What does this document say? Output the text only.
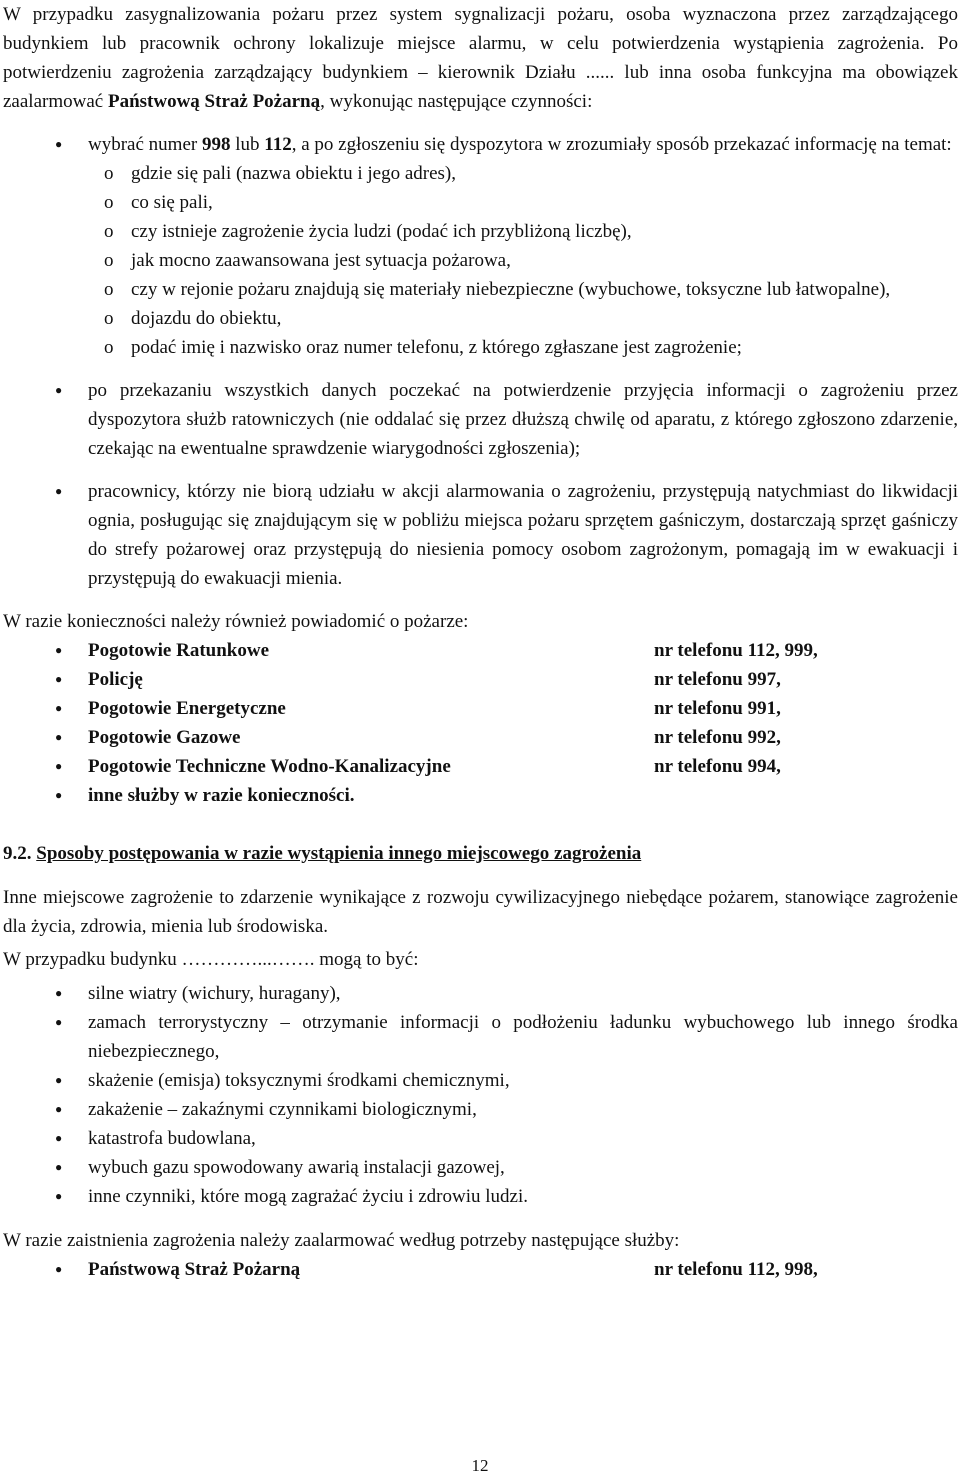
W przypadku zasygnalizowania pożaru przez system sygnalizacji pożaru, osoba wyznaczona przez zarządzającego budynkiem lub pracownik ochrony lokalizuje miejsce alarmu, w celu potwierdzenia wystąpienia zagrożenia. Po potwierdzeniu zagrożenia zarządzający budynkiem – kierownik Działu ...... lub inna osoba funkcyjna ma obowiązek zaalarmować Państwową Straż Pożarną, wykonując następujące czynności:

● wybrać numer 998 lub 112, a po zgłoszeniu się dyspozytora w zrozumiały sposób przekazać informację na temat:
o gdzie się pali (nazwa obiektu i jego adres),
o co się pali,
o czy istnieje zagrożenie życia ludzi (podać ich przybliżoną liczbę),
o jak mocno zaawansowana jest sytuacja pożarowa,
o czy w rejonie pożaru znajdują się materiały niebezpieczne (wybuchowe, toksyczne lub łatwopalne),
o dojazdu do obiektu,
o podać imię i nazwisko oraz numer telefonu, z którego zgłaszane jest zagrożenie;
● po przekazaniu wszystkich danych poczekać na potwierdzenie przyjęcia informacji o zagrożeniu przez dyspozytora służb ratowniczych (nie oddalać się przez dłuższą chwilę od aparatu, z którego zgłoszono zdarzenie, czekając na ewentualne sprawdzenie wiarygodności zgłoszenia);
● pracownicy, którzy nie biorą udziału w akcji alarmowania o zagrożeniu, przystępują natychmiast do likwidacji ognia, posługując się znajdującym się w pobliżu miejsca pożaru sprzętem gaśniczym, dostarczają sprzęt gaśniczy do strefy pożarowej oraz przystępują do niesienia pomocy osobom zagrożonym, pomagają im w ewakuacji i przystępują do ewakuacji mienia.

W razie konieczności należy również powiadomić o pożarze:

● Pogotowie Ratunkowe	nr telefonu 112, 999,
● Policję	nr telefonu 997,
● Pogotowie Energetyczne	nr telefonu 991,
● Pogotowie Gazowe	nr telefonu 992,
● Pogotowie Techniczne Wodno-Kanalizacyjne	nr telefonu 994,
● inne służby w razie konieczności.

9.2. Sposoby postępowania w razie wystąpienia innego miejscowego zagrożenia

Inne miejscowe zagrożenie to zdarzenie wynikające z rozwoju cywilizacyjnego niebędące pożarem, stanowiące zagrożenie dla życia, zdrowia, mienia lub środowiska.

W przypadku budynku …………...……. mogą to być:

● silne wiatry (wichury, huragany),
● zamach terrorystyczny – otrzymanie informacji o podłożeniu ładunku wybuchowego lub innego środka niebezpiecznego,
● skażenie (emisja) toksycznymi środkami chemicznymi,
● zakażenie – zakaźnymi czynnikami biologicznymi,
● katastrofa budowlana,
● wybuch gazu spowodowany awarią instalacji gazowej,
● inne czynniki, które mogą zagrażać życiu i zdrowiu ludzi.

W razie zaistnienia zagrożenia należy zaalarmować według potrzeby następujące służby:

● Państwową Straż Pożarną	nr telefonu 112, 998,
12
